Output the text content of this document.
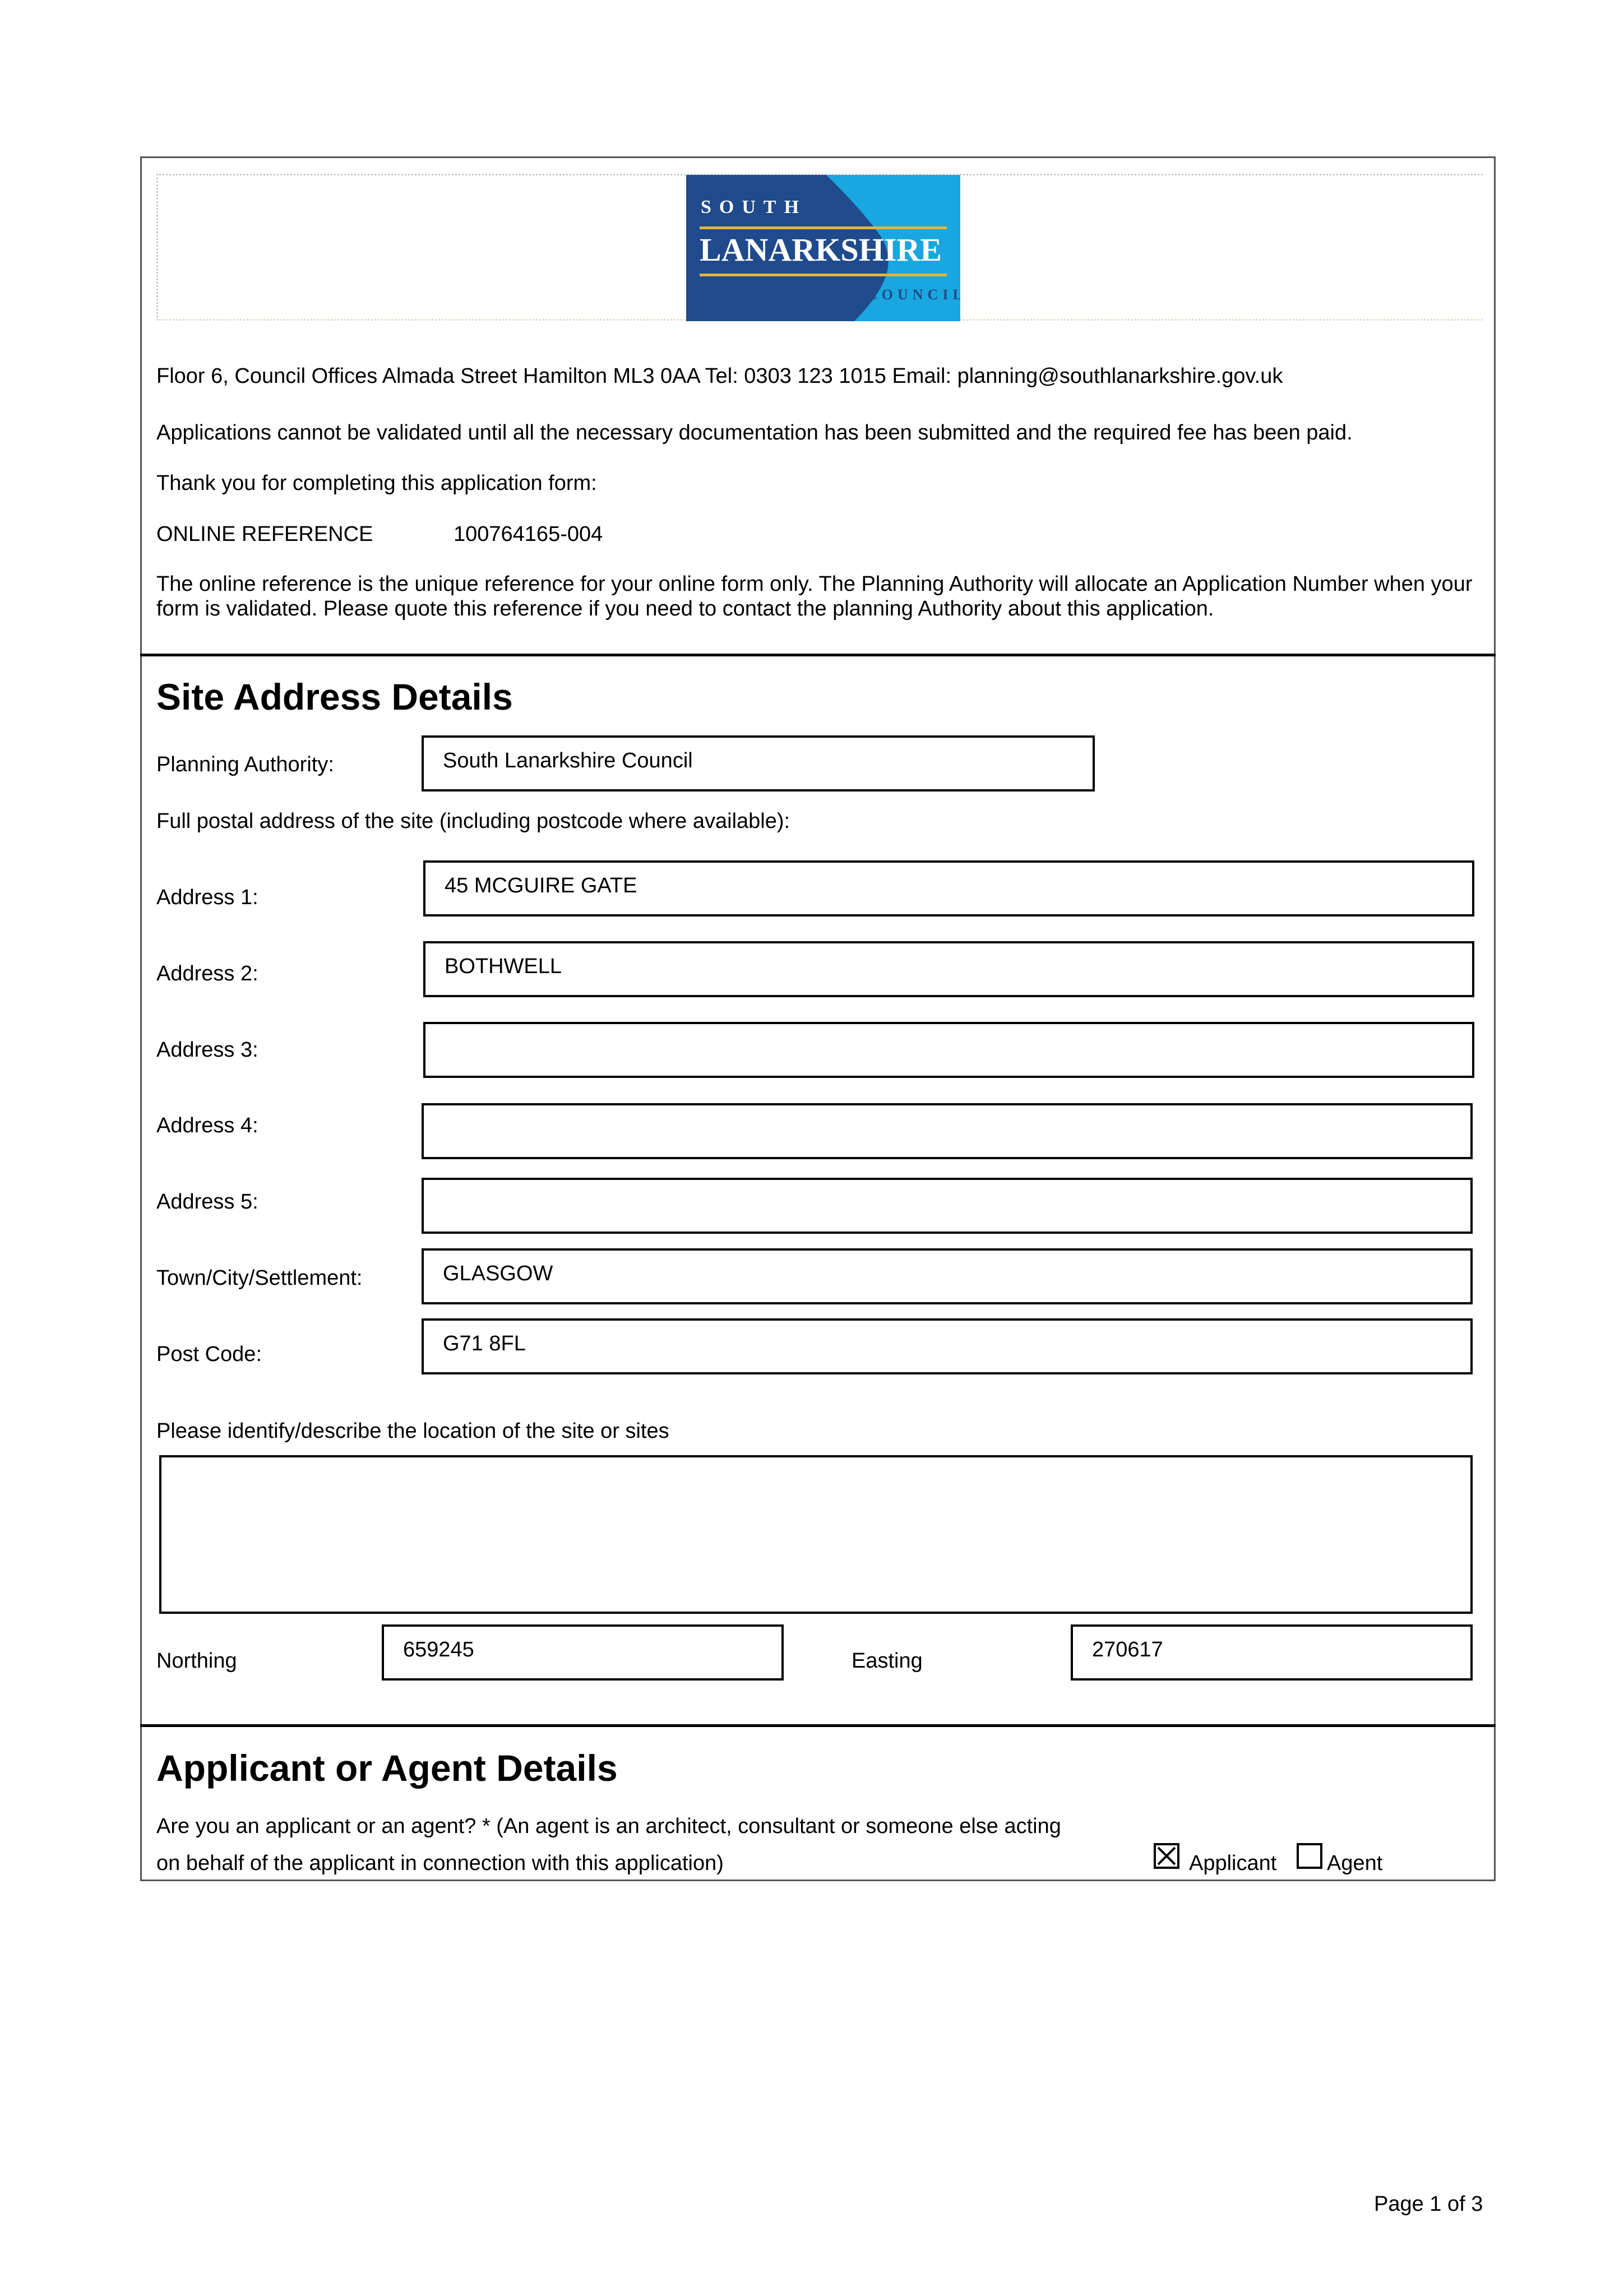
SOUTH
LANARKSHIRE
COUNCIL
Floor 6, Council Offices Almada Street Hamilton ML3 0AA Tel: 0303 123 1015 Email: planning@southlanarkshire.gov.uk
Applications cannot be validated until all the necessary documentation has been submitted and the required fee has been paid.
Thank you for completing this application form:
ONLINE REFERENCE	100764165-004
The online reference is the unique reference for your online form only. The Planning Authority will allocate an Application Number when your form is validated. Please quote this reference if you need to contact the planning Authority about this application.
Site Address Details
Planning Authority:	South Lanarkshire Council
Full postal address of the site (including postcode where available):
Address 1:	45 MCGUIRE GATE
Address 2:	BOTHWELL
Address 3:
Address 4:
Address 5:
Town/City/Settlement:	GLASGOW
Post Code:	G71 8FL
Please identify/describe the location of the site or sites
Northing	659245	Easting	270617
Applicant or Agent Details
Are you an applicant or an agent? * (An agent is an architect, consultant or someone else acting
on behalf of the applicant in connection with this application)	Applicant Agent
Page 1 of 3
